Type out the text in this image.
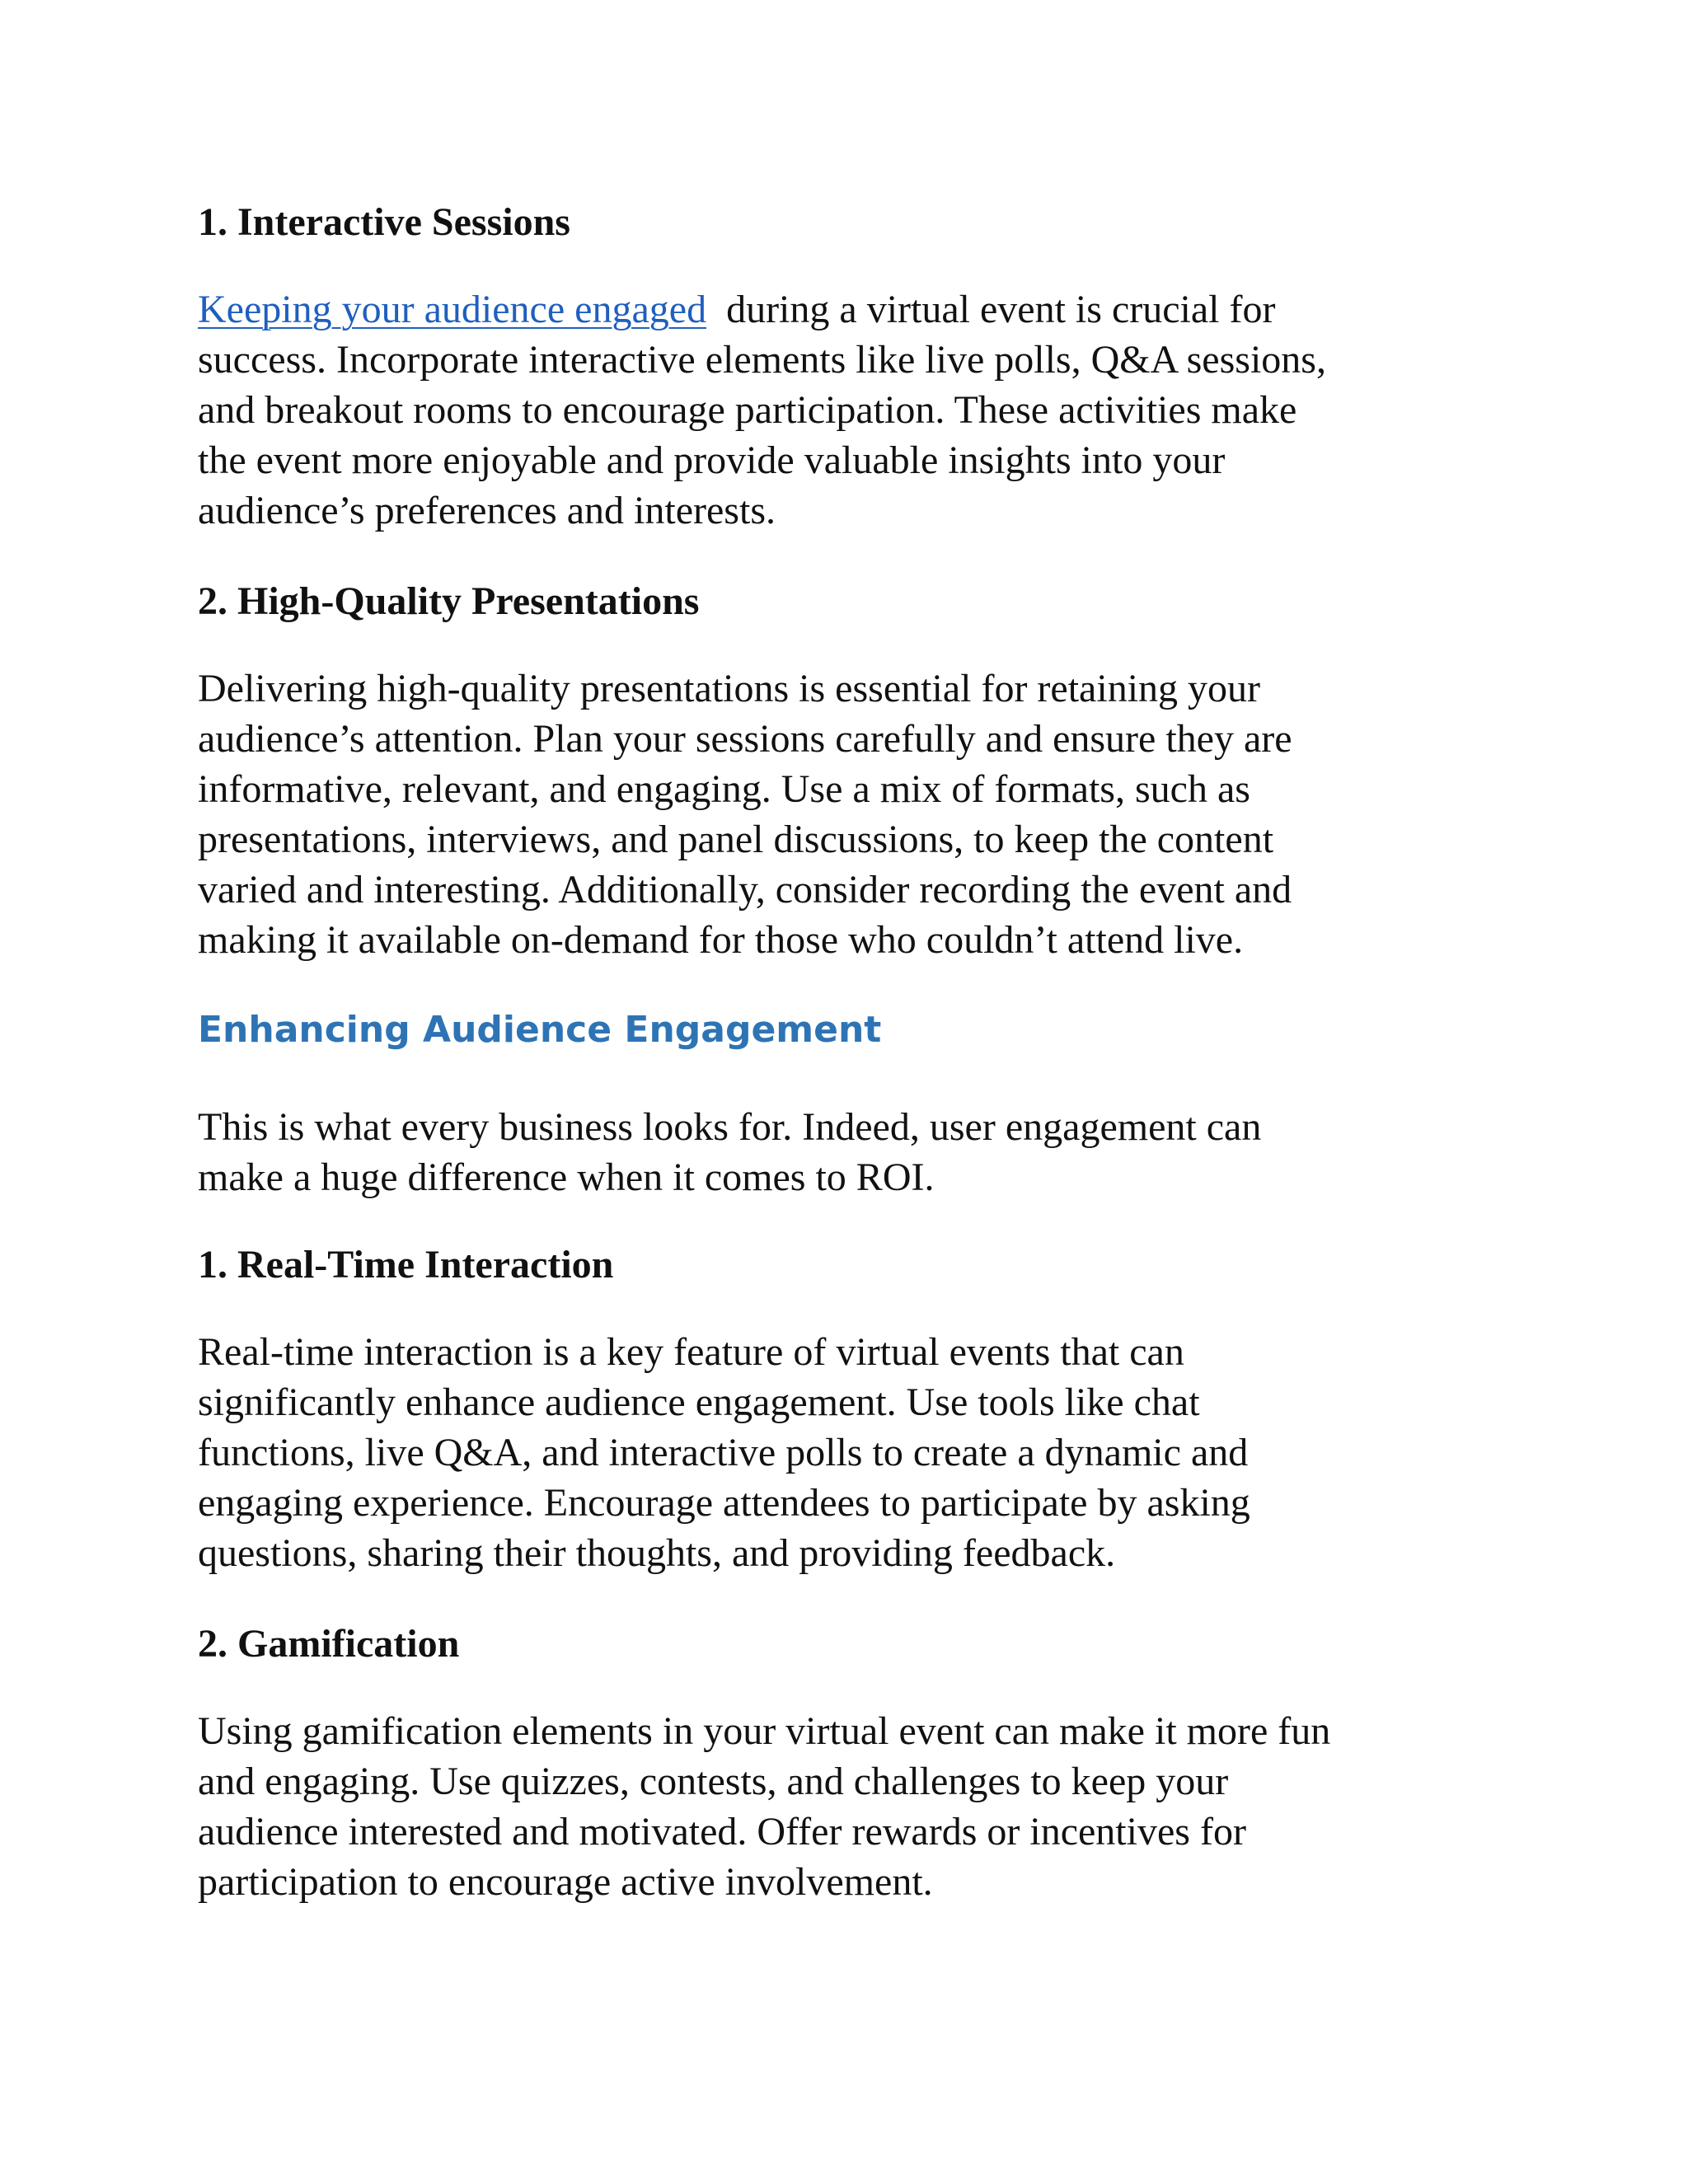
1. Interactive Sessions

Keeping your audience engaged  during a virtual event is crucial for
success. Incorporate interactive elements like live polls, Q&A sessions,
and breakout rooms to encourage participation. These activities make
the event more enjoyable and provide valuable insights into your
audience’s preferences and interests.

2. High-Quality Presentations

Delivering high-quality presentations is essential for retaining your
audience’s attention. Plan your sessions carefully and ensure they are
informative, relevant, and engaging. Use a mix of formats, such as
presentations, interviews, and panel discussions, to keep the content
varied and interesting. Additionally, consider recording the event and
making it available on-demand for those who couldn’t attend live.

Enhancing Audience Engagement

This is what every business looks for. Indeed, user engagement can
make a huge difference when it comes to ROI.

1. Real-Time Interaction

Real-time interaction is a key feature of virtual events that can
significantly enhance audience engagement. Use tools like chat
functions, live Q&A, and interactive polls to create a dynamic and
engaging experience. Encourage attendees to participate by asking
questions, sharing their thoughts, and providing feedback.

2. Gamification

Using gamification elements in your virtual event can make it more fun
and engaging. Use quizzes, contests, and challenges to keep your
audience interested and motivated. Offer rewards or incentives for
participation to encourage active involvement.
